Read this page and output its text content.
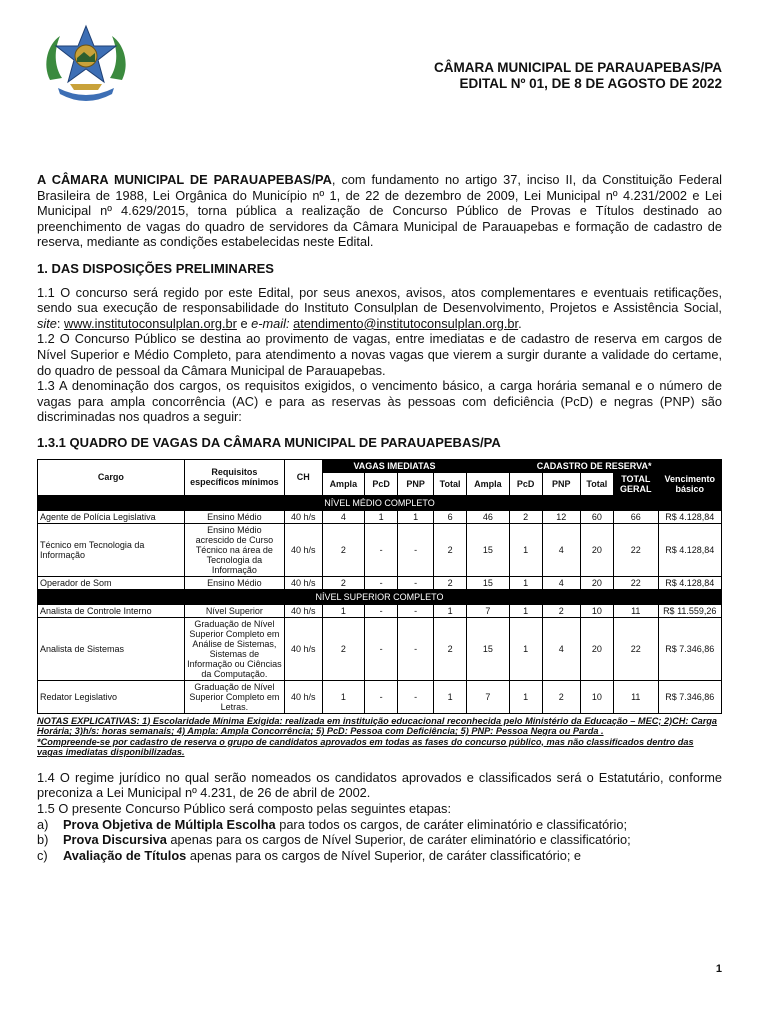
CÂMARA MUNICIPAL DE PARAUAPEBAS/PA
EDITAL Nº 01, DE 8 DE AGOSTO DE 2022

A CÂMARA MUNICIPAL DE PARAUAPEBAS/PA, com fundamento no artigo 37, inciso II, da Constituição Federal Brasileira de 1988, Lei Orgânica do Município nº 1, de 22 de dezembro de 2009, Lei Municipal nº 4.231/2002 e Lei Municipal nº 4.629/2015, torna pública a realização de Concurso Público de Provas e Títulos destinado ao preenchimento de vagas do quadro de servidores da Câmara Municipal de Parauapebas e formação de cadastro de reserva, mediante as condições estabelecidas neste Edital.

1. DAS DISPOSIÇÕES PRELIMINARES

1.1 O concurso será regido por este Edital, por seus anexos, avisos, atos complementares e eventuais retificações, sendo sua execução de responsabilidade do Instituto Consulplan de Desenvolvimento, Projetos e Assistência Social, site: www.institutoconsulplan.org.br e e-mail: atendimento@institutoconsulplan.org.br.

1.2 O Concurso Público se destina ao provimento de vagas, entre imediatas e de cadastro de reserva em cargos de Nível Superior e Médio Completo, para atendimento a novas vagas que vierem a surgir durante a validade do certame, do quadro de pessoal da Câmara Municipal de Parauapebas.

1.3 A denominação dos cargos, os requisitos exigidos, o vencimento básico, a carga horária semanal e o número de vagas para ampla concorrência (AC) e para as reservas às pessoas com deficiência (PcD) e negras (PNP) são discriminadas nos quadros a seguir:

1.3.1 QUADRO DE VAGAS DA CÂMARA MUNICIPAL DE PARAUAPEBAS/PA
Cargo	Requisitos específicos mínimos	CH	VAGAS IMEDIATAS				CADASTRO DE RESERVA*					
			Ampla	PcD	PNP	Total	Ampla	PcD	PNP	Total	TOTAL GERAL	Vencimento básico
NÍVEL MÉDIO COMPLETO												
Agente de Polícia Legislativa	Ensino Médio	40 h/s	4	1	1	6	46	2	12	60	66	R$ 4.128,84
Técnico em Tecnologia da Informação	Ensino Médio acrescido de Curso Técnico na área de Tecnologia da Informação	40 h/s	2	-	-	2	15	1	4	20	22	R$ 4.128,84
Operador de Som	Ensino Médio	40 h/s	2	-	-	2	15	1	4	20	22	R$ 4.128,84
NÍVEL SUPERIOR COMPLETO												
Analista de Controle Interno	Nível Superior	40 h/s	1	-	-	1	7	1	2	10	11	R$ 11.559,26
Analista de Sistemas	Graduação de Nível Superior Completo em Análise de Sistemas, Sistemas de Informação ou Ciências da Computação.	40 h/s	2	-	-	2	15	1	4	20	22	R$ 7.346,86
Redator Legislativo	Graduação de Nível Superior Completo em Letras.	40 h/s	1	-	-	1	7	1	2	10	11	R$ 7.346,86
NOTAS EXPLICATIVAS: 1) Escolaridade Mínima Exigida: realizada em instituição educacional reconhecida pelo Ministério da Educação – MEC; 2)CH: Carga Horária; 3)h/s: horas semanais; 4) Ampla: Ampla Concorrência; 5) PcD: Pessoa com Deficiência; 5) PNP: Pessoa Negra ou Parda .
*Compreende-se por cadastro de reserva o grupo de candidatos aprovados em todas as fases do concurso público, mas não classificados dentro das vagas imediatas disponibilizadas.

1.4 O regime jurídico no qual serão nomeados os candidatos aprovados e classificados será o Estatutário, conforme preconiza a Lei Municipal nº 4.231, de 26 de abril de 2002.

1.5 O presente Concurso Público será composto pelas seguintes etapas:

a) Prova Objetiva de Múltipla Escolha para todos os cargos, de caráter eliminatório e classificatório;
b) Prova Discursiva apenas para os cargos de Nível Superior, de caráter eliminatório e classificatório;
c) Avaliação de Títulos apenas para os cargos de Nível Superior, de caráter classificatório; e
1
